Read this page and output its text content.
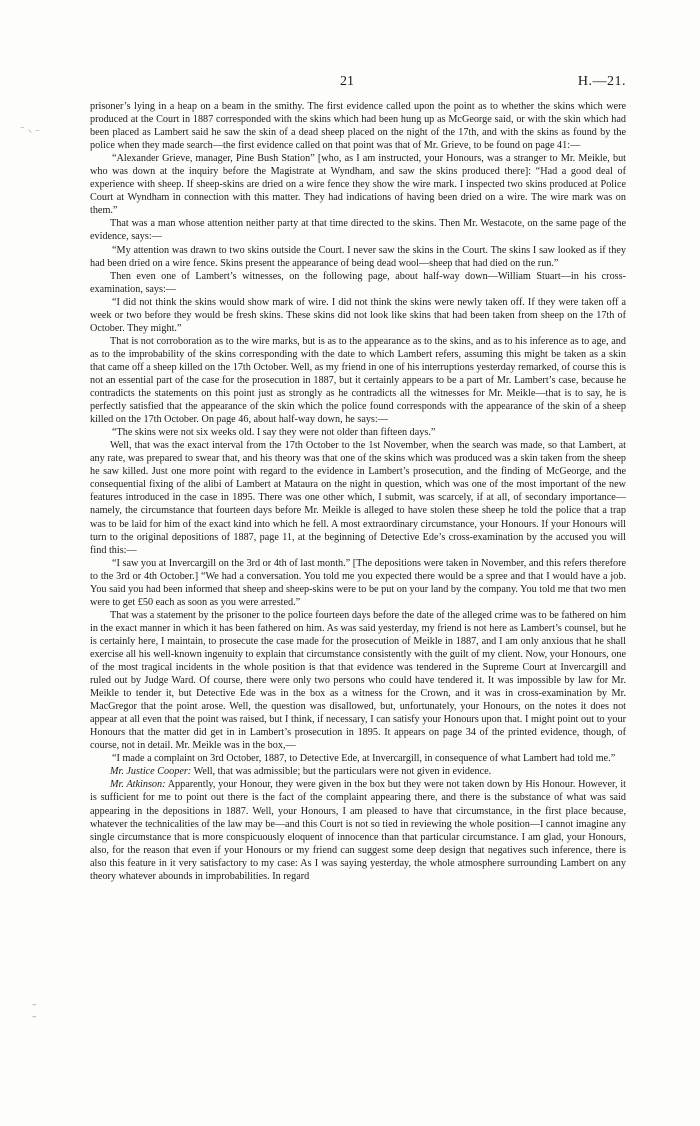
⁻ ⸜ ₋
–
–
21	H.—21.

prisoner’s lying in a heap on a beam in the smithy. The first evidence called upon the point as to whether the skins which were produced at the Court in 1887 corresponded with the skins which had been hung up as McGeorge said, or with the skin which had been placed as Lambert said he saw the skin of a dead sheep placed on the night of the 17th, and with the skins as found by the police when they made search—the first evidence called on that point was that of Mr. Grieve, to be found on page 41:—

“Alexander Grieve, manager, Pine Bush Station” [who, as I am instructed, your Honours, was a stranger to Mr. Meikle, but who was down at the inquiry before the Magistrate at Wyndham, and saw the skins produced there]: “Had a good deal of experience with sheep. If sheep-skins are dried on a wire fence they show the wire mark. I inspected two skins produced at Police Court at Wyndham in connection with this matter. They had indications of having been dried on a wire. The wire mark was on them.”

That was a man whose attention neither party at that time directed to the skins. Then Mr. Westacote, on the same page of the evidence, says:—

“My attention was drawn to two skins outside the Court. I never saw the skins in the Court. The skins I saw looked as if they had been dried on a wire fence. Skins present the appearance of being dead wool—sheep that had died on the run.”

Then even one of Lambert’s witnesses, on the following page, about half-way down—William Stuart—in his cross-examination, says:—

“I did not think the skins would show mark of wire. I did not think the skins were newly taken off. If they were taken off a week or two before they would be fresh skins. These skins did not look like skins that had been taken from sheep on the 17th of October. They might.”

That is not corroboration as to the wire marks, but is as to the appearance as to the skins, and as to his inference as to age, and as to the improbability of the skins corresponding with the date to which Lambert refers, assuming this might be taken as a skin that came off a sheep killed on the 17th October. Well, as my friend in one of his interruptions yesterday remarked, of course this is not an essential part of the case for the prosecution in 1887, but it certainly appears to be a part of Mr. Lambert’s case, because he contradicts the statements on this point just as strongly as he contradicts all the witnesses for Mr. Meikle—that is to say, he is perfectly satisfied that the appearance of the skin which the police found corresponds with the appearance of the skin of a sheep killed on the 17th October. On page 46, about half-way down, he says:—

“The skins were not six weeks old. I say they were not older than fifteen days.”

Well, that was the exact interval from the 17th October to the 1st November, when the search was made, so that Lambert, at any rate, was prepared to swear that, and his theory was that one of the skins which was produced was a skin taken from the sheep he saw killed. Just one more point with regard to the evidence in Lambert’s prosecution, and the finding of McGeorge, and the consequential fixing of the alibi of Lambert at Mataura on the night in question, which was one of the most important of the new features introduced in the case in 1895. There was one other which, I submit, was scarcely, if at all, of secondary importance—namely, the circumstance that fourteen days before Mr. Meikle is alleged to have stolen these sheep he told the police that a trap was to be laid for him of the exact kind into which he fell. A most extraordinary circumstance, your Honours. If your Honours will turn to the original depositions of 1887, page 11, at the beginning of Detective Ede’s cross-examination by the accused you will find this:—

“I saw you at Invercargill on the 3rd or 4th of last month.” [The depositions were taken in November, and this refers therefore to the 3rd or 4th October.] “We had a conversation. You told me you expected there would be a spree and that I would have a job. You said you had been informed that sheep and sheep-skins were to be put on your land by the company. You told me that two men were to get £50 each as soon as you were arrested.”

That was a statement by the prisoner to the police fourteen days before the date of the alleged crime was to be fathered on him in the exact manner in which it has been fathered on him. As was said yesterday, my friend is not here as Lambert’s counsel, but he is certainly here, I maintain, to prosecute the case made for the prosecution of Meikle in 1887, and I am only anxious that he shall exercise all his well-known ingenuity to explain that circumstance consistently with the guilt of my client. Now, your Honours, one of the most tragical incidents in the whole position is that that evidence was tendered in the Supreme Court at Invercargill and ruled out by Judge Ward. Of course, there were only two persons who could have tendered it. It was impossible by law for Mr. Meikle to tender it, but Detective Ede was in the box as a witness for the Crown, and it was in cross-examination by Mr. MacGregor that the point arose. Well, the question was disallowed, but, unfortunately, your Honours, on the notes it does not appear at all even that the point was raised, but I think, if necessary, I can satisfy your Honours upon that. I might point out to your Honours that the matter did get in in Lambert’s prosecution in 1895. It appears on page 34 of the printed evidence, though, of course, not in detail. Mr. Meikle was in the box,—

“I made a complaint on 3rd October, 1887, to Detective Ede, at Invercargill, in consequence of what Lambert had told me.”

Mr. Justice Cooper: Well, that was admissible; but the particulars were not given in evidence.

Mr. Atkinson: Apparently, your Honour, they were given in the box but they were not taken down by His Honour. However, it is sufficient for me to point out there is the fact of the complaint appearing there, and there is the substance of what was said appearing in the depositions in 1887. Well, your Honours, I am pleased to have that circumstance, in the first place because, whatever the technicalities of the law may be—and this Court is not so tied in reviewing the whole position—I cannot imagine any single circumstance that is more conspicuously eloquent of innocence than that particular circumstance. I am glad, your Honours, also, for the reason that even if your Honours or my friend can suggest some deep design that negatives such inference, there is also this feature in it very satisfactory to my case: As I was saying yesterday, the whole atmosphere surrounding Lambert on any theory whatever abounds in improbabilities. In regard
